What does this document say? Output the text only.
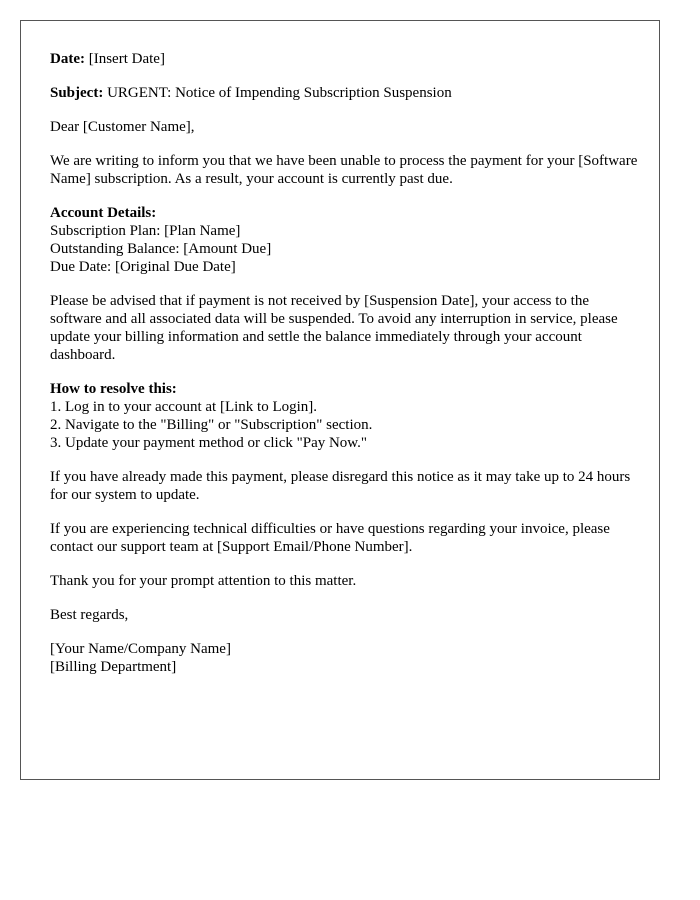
Date: [Insert Date]

Subject: URGENT: Notice of Impending Subscription Suspension

Dear [Customer Name],

We are writing to inform you that we have been unable to process the payment for your [Software Name] subscription. As a result, your account is currently past due.

Account Details:
Subscription Plan: [Plan Name]
Outstanding Balance: [Amount Due]
Due Date: [Original Due Date]

Please be advised that if payment is not received by [Suspension Date], your access to the software and all associated data will be suspended. To avoid any interruption in service, please update your billing information and settle the balance immediately through your account dashboard.

How to resolve this:
1. Log in to your account at [Link to Login].
2. Navigate to the "Billing" or "Subscription" section.
3. Update your payment method or click "Pay Now."

If you have already made this payment, please disregard this notice as it may take up to 24 hours for our system to update.

If you are experiencing technical difficulties or have questions regarding your invoice, please contact our support team at [Support Email/Phone Number].

Thank you for your prompt attention to this matter.

Best regards,

[Your Name/Company Name]
[Billing Department]
